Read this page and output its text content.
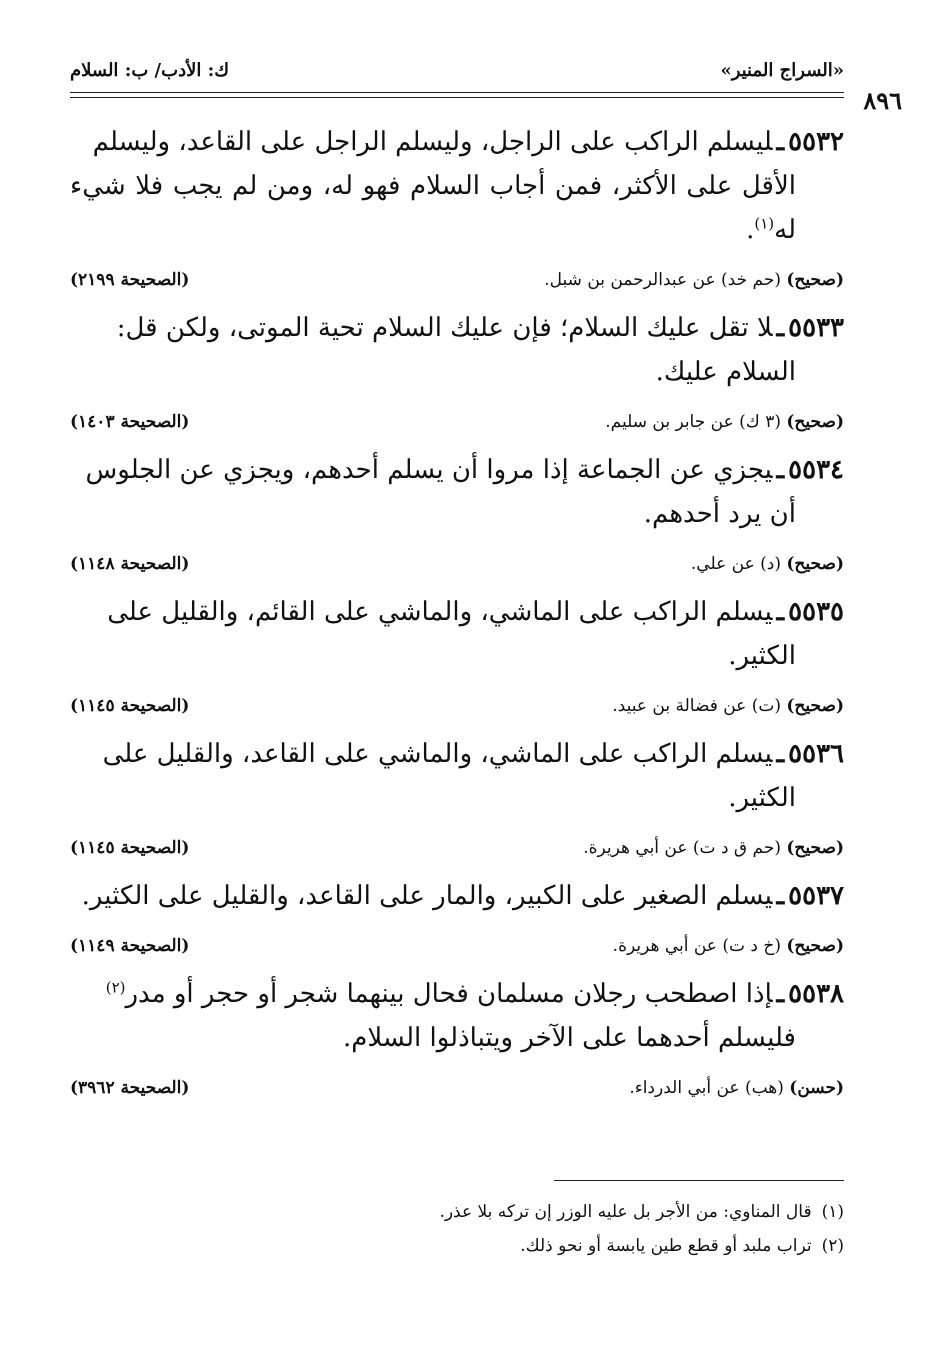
«السراج المنير»
ك: الأدب/ ب: السلام
٨٩٦
٥٥٣٢ـليسلم الراكب على الراجل، وليسلم الراجل على القاعد، وليسلم
الأقل على الأكثر، فمن أجاب السلام فهو له، ومن لم يجب فلا شيء له$^{(١)}$.
(صحيح) (حم خد) عن عبدالرحمن بن شبل.
(الصحيحة ٢١٩٩)
٥٥٣٣ـلا تقل عليك السلام؛ فإن عليك السلام تحية الموتى، ولكن قل:
السلام عليك.
(صحيح) (٣ ك) عن جابر بن سليم.
(الصحيحة ١٤٠٣)
٥٥٣٤ـيجزي عن الجماعة إذا مروا أن يسلم أحدهم، ويجزي عن الجلوس
أن يرد أحدهم.
(صحيح) (د) عن علي.
(الصحيحة ١١٤٨)
٥٥٣٥ـيسلم الراكب على الماشي، والماشي على القائم، والقليل على
الكثير.
(صحيح) (ت) عن فضالة بن عبيد.
(الصحيحة ١١٤٥)
٥٥٣٦ـيسلم الراكب على الماشي، والماشي على القاعد، والقليل على
الكثير.
(صحيح) (حم ق د ت) عن أبي هريرة.
(الصحيحة ١١٤٥)
٥٥٣٧ـيسلم الصغير على الكبير، والمار على القاعد، والقليل على الكثير.
(صحيح) (خ د ت) عن أبي هريرة.
(الصحيحة ١١٤٩)
٥٥٣٨ـإذا اصطحب رجلان مسلمان فحال بينهما شجر أو حجر أو مدر$^{(٢)}$
فليسلم أحدهما على الآخر ويتباذلوا السلام.
(حسن) (هب) عن أبي الدرداء.
(الصحيحة ٣٩٦٢)
(١)قال المناوي: من الأجر بل عليه الوزر إن تركه بلا عذر.
(٢)تراب ملبد أو قطع طين يابسة أو نحو ذلك.
